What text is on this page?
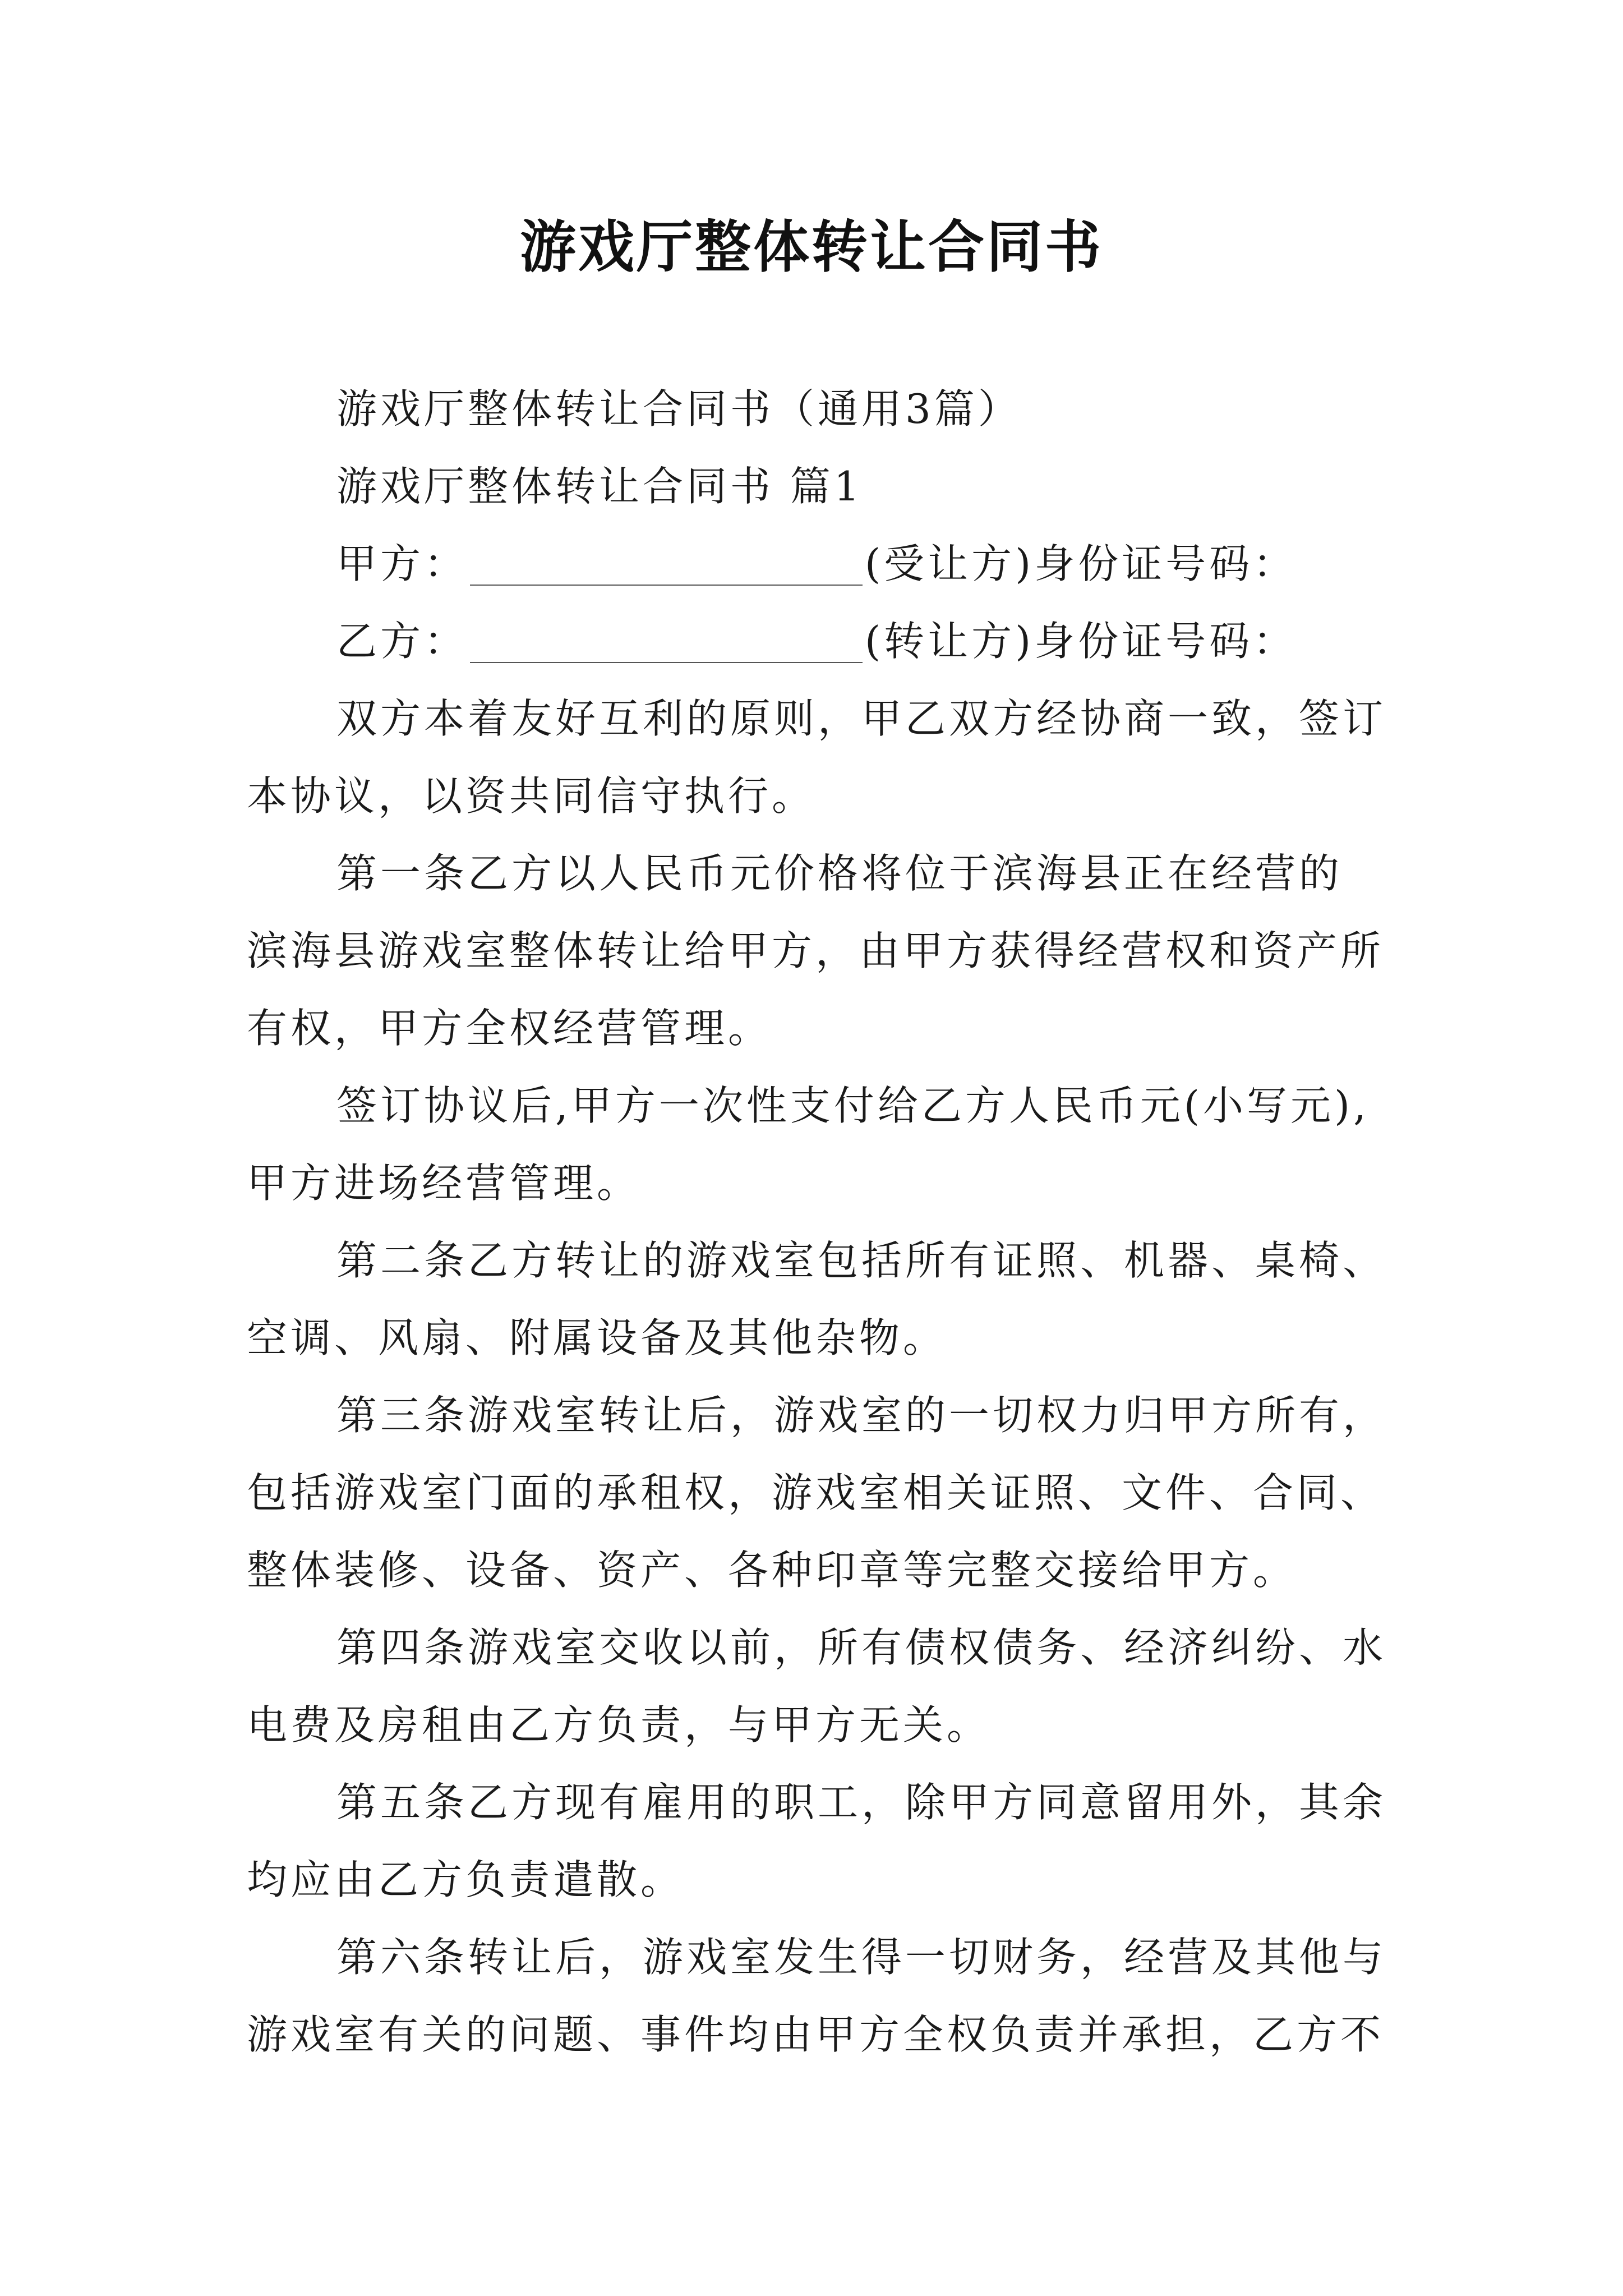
游戏厅整体转让合同书
游戏厅整体转让合同书（通用3篇）
游戏厅整体转让合同书 篇1
甲方：	(受让方)身份证号码：
乙方：	(转让方)身份证号码：
双方本着友好互利的原则，甲乙双方经协商一致，签订
本协议，以资共同信守执行。
第一条乙方以人民币元价格将位于滨海县正在经营的
滨海县游戏室整体转让给甲方，由甲方获得经营权和资产所
有权，甲方全权经营管理。
签订协议后,甲方一次性支付给乙方人民币元(小写元),
甲方进场经营管理。
第二条乙方转让的游戏室包括所有证照、机器、桌椅、
空调、风扇、附属设备及其他杂物。
第三条游戏室转让后，游戏室的一切权力归甲方所有，
包括游戏室门面的承租权，游戏室相关证照、文件、合同、
整体装修、设备、资产、各种印章等完整交接给甲方。
第四条游戏室交收以前，所有债权债务、经济纠纷、水
电费及房租由乙方负责，与甲方无关。
第五条乙方现有雇用的职工，除甲方同意留用外，其余
均应由乙方负责遣散。
第六条转让后，游戏室发生得一切财务，经营及其他与
游戏室有关的问题、事件均由甲方全权负责并承担，乙方不
